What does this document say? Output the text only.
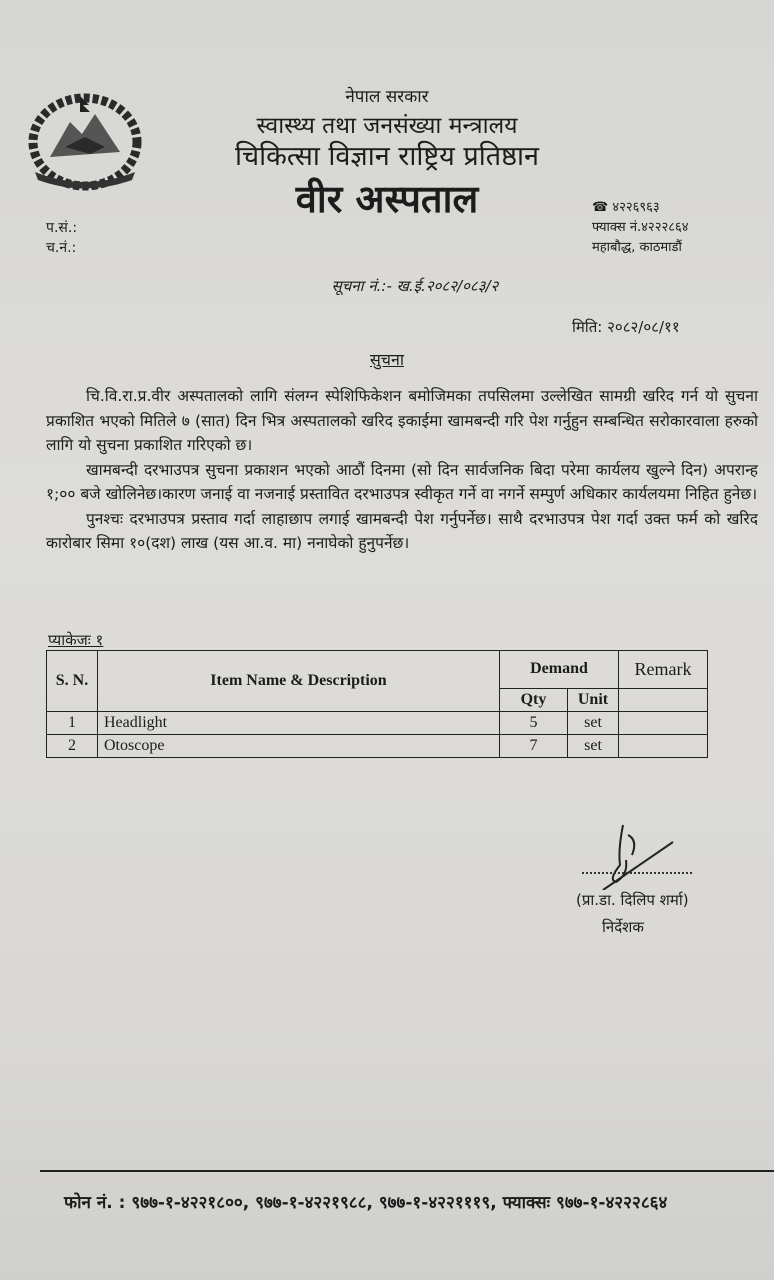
नेपाल सरकार
स्वास्थ्य तथा जनसंख्या मन्त्रालय
चिकित्सा विज्ञान राष्ट्रिय प्रतिष्ठान
वीर अस्पताल
प.सं.:
च.नं.:
☎ ४२२६९६३
फ्याक्स नं.४२२२८६४
महाबौद्ध, काठमाडौं
सूचना नं.:- ख.ई.२०८२/०८३/२
मिति: २०८२/०८/११
सुचना

चि.वि.रा.प्र.वीर अस्पतालको लागि संलग्न स्पेशिफिकेशन बमोजिमका तपसिलमा उल्लेखित सामग्री खरिद गर्न यो सुचना प्रकाशित भएको मितिले ७ (सात) दिन भित्र अस्पतालको खरिद इकाईमा खामबन्दी गरि पेश गर्नुहुन सम्बन्धित सरोकारवाला हरुको लागि यो सुचना प्रकाशित गरिएको छ।

खामबन्दी दरभाउपत्र सुचना प्रकाशन भएको आठौं दिनमा (सो दिन सार्वजनिक बिदा परेमा कार्यलय खुल्ने दिन) अपरान्ह १;०० बजे खोलिनेछ।कारण जनाई वा नजनाई प्रस्तावित दरभाउपत्र स्वीकृत गर्ने वा नगर्ने सम्पुर्ण अधिकार कार्यलयमा निहित हुनेछ।

पुनश्चः दरभाउपत्र प्रस्ताव गर्दा लाहाछाप लगाई खामबन्दी पेश गर्नुपर्नेछ। साथै दरभाउपत्र पेश गर्दा उक्त फर्म को खरिद कारोबार सिमा १०(दश) लाख (यस आ.व. मा) ननाघेको हुनुपर्नेछ।

प्याकेजः १
S. N.	Item Name & Description	Demand		Remark
		Qty	Unit	
1	Headlight	5	set	
2	Otoscope	7	set	
(प्रा.डा. दिलिप शर्मा)
निर्देशक
फोन नं. : ९७७-१-४२२१८००, ९७७-१-४२२१९८८, ९७७-१-४२२१११९, फ्याक्सः ९७७-१-४२२२८६४
